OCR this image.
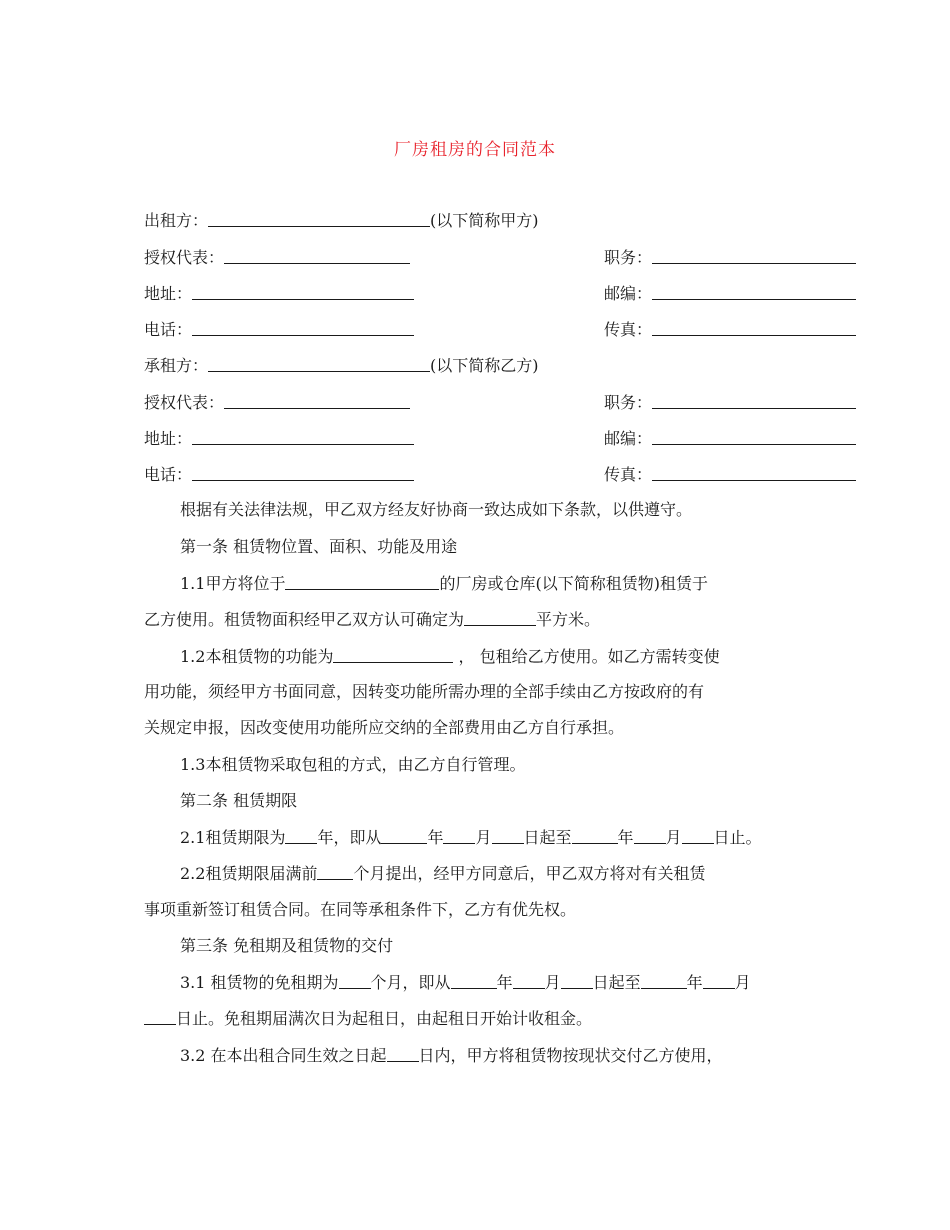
厂房租房的合同范本
出租方：	(以下简称甲方)
授权代表：	职务：
地址：	邮编：
电话：	传真：
承租方：	(以下简称乙方)
授权代表：	职务：
地址：	邮编：
电话：	传真：
根据有关法律法规，甲乙双方经友好协商一致达成如下条款，以供遵守。
第一条 租赁物位置、面积、功能及用途
1.1甲方将位于	的厂房或仓库(以下简称租赁物)租赁于
乙方使用。租赁物面积经甲乙双方认可确定为	平方米。
1.2本租赁物的功能为	， 包租给乙方使用。如乙方需转变使
用功能，须经甲方书面同意，因转变功能所需办理的全部手续由乙方按政府的有
关规定申报，因改变使用功能所应交纳的全部费用由乙方自行承担。
1.3本租赁物采取包租的方式，由乙方自行管理。
第二条 租赁期限
2.1租赁期限为 年，即从	年 月 日起至	年 月 日止。
2.2租赁期限届满前 个月提出，经甲方同意后，甲乙双方将对有关租赁
事项重新签订租赁合同。在同等承租条件下，乙方有优先权。
第三条 免租期及租赁物的交付
3.1 租赁物的免租期为 个月，即从	年 月 日起至	年 月
日止。免租期届满次日为起租日，由起租日开始计收租金。
3.2 在本出租合同生效之日起 日内，甲方将租赁物按现状交付乙方使用，
